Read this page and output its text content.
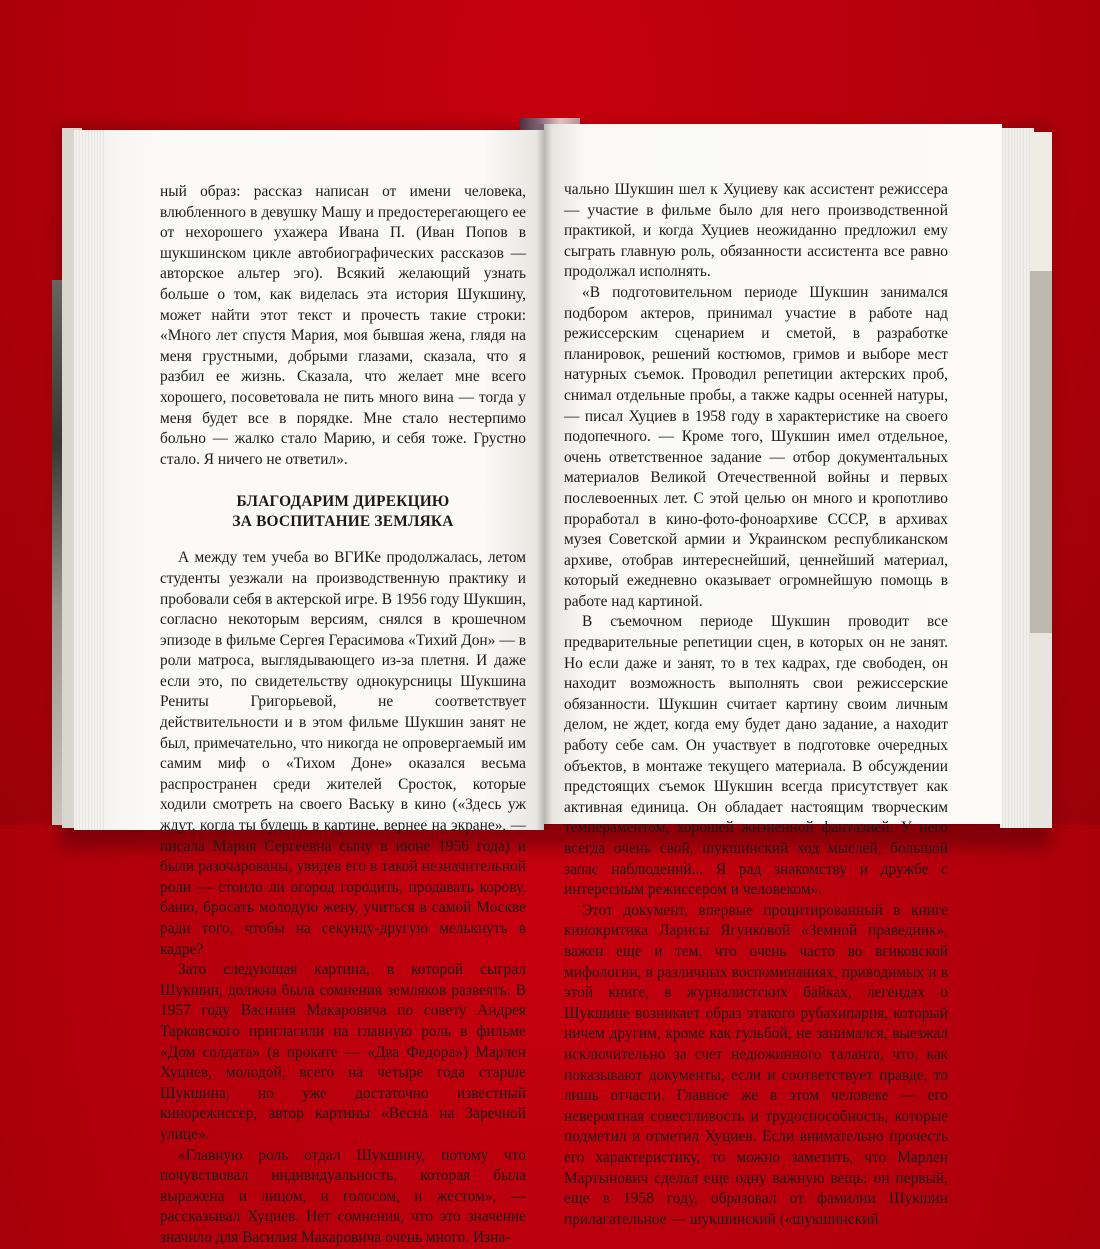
ный образ: рассказ написан от имени человека, влюбленного в девушку Машу и предостерегающего ее от нехорошего ухажера Ивана П. (Иван Попов в шукшинском цикле автобиографических рассказов — авторское альтер эго). Всякий желающий узнать больше о том, как виделась эта история Шукшину, может найти этот текст и прочесть такие строки: «Много лет спустя Мария, моя бывшая жена, глядя на меня грустными, добрыми глазами, сказала, что я разбил ее жизнь. Сказала, что желает мне всего хорошего, посоветовала не пить много вина — тогда у меня будет все в порядке. Мне стало нестерпимо больно — жалко стало Марию, и себя тоже. Грустно стало. Я ничего не ответил».

БЛАГОДАРИМ ДИРЕКЦИЮ
ЗА ВОСПИТАНИЕ ЗЕМЛЯКА

А между тем учеба во ВГИКе продолжалась, летом студенты уезжали на производственную практику и пробовали себя в актерской игре. В 1956 году Шукшин, согласно некоторым версиям, снялся в крошечном эпизоде в фильме Сергея Герасимова «Тихий Дон» — в роли матроса, выглядывающего из-за плетня. И даже если это, по свидетельству однокурсницы Шукшина Рениты Григорьевой, не соответствует действительности и в этом фильме Шукшин занят не был, примечательно, что никогда не опровергаемый им самим миф о «Тихом Доне» оказался весьма распространен среди жителей Сросток, которые ходили смотреть на своего Ваську в кино («Здесь уж ждут, когда ты будешь в картине, вернее на экране», — писала Мария Сергеевна сыну в июне 1956 года) и были разочарованы, увидев его в такой незначительной роли — стоило ли огород городить, продавать корову, баню, бросать молодую жену, учиться в самой Москве ради того, чтобы на секунду-другую мелькнуть в кадре?

Зато следующая картина, в которой сыграл Шукшин, должна была сомнения земляков развеять. В 1957 году Василия Макаровича по совету Андрея Тарковского пригласили на главную роль в фильме «Дом солдата» (в прокате — «Два Федора») Марлен Хуциев, молодой, всего на четыре года старше Шукшина, но уже достаточно известный кинорежиссер, автор картины «Весна на Заречной улице».

«Главную роль отдал Шукшину, потому что почувствовал индивидуальность, которая была выражена и лицом, и голосом, и жестом», — рассказывал Хуциев. Нет сомнения, что это значение значило для Василия Макаровича очень много. Изна-

чально Шукшин шел к Хуциеву как ассистент режиссера — участие в фильме было для него производственной практикой, и когда Хуциев неожиданно предложил ему сыграть главную роль, обязанности ассистента все равно продолжал исполнять.

«В подготовительном периоде Шукшин занимался подбором актеров, принимал участие в работе над режиссерским сценарием и сметой, в разработке планировок, решений костюмов, гримов и выборе мест натурных съемок. Проводил репетиции актерских проб, снимал отдельные пробы, а также кадры осенней натуры, — писал Хуциев в 1958 году в характеристике на своего подопечного. — Кроме того, Шукшин имел отдельное, очень ответственное задание — отбор документальных материалов Великой Отечественной войны и первых послевоенных лет. С этой целью он много и кропотливо проработал в кино-фото-фоноархиве СССР, в архивах музея Советской армии и Украинском республиканском архиве, отобрав интереснейший, ценнейший материал, который ежедневно оказывает огромнейшую помощь в работе над картиной.

В съемочном периоде Шукшин проводит все предварительные репетиции сцен, в которых он не занят. Но если даже и занят, то в тех кадрах, где свободен, он находит возможность выполнять свои режиссерские обязанности. Шукшин считает картину своим личным делом, не ждет, когда ему будет дано задание, а находит работу себе сам. Он участвует в подготовке очередных объектов, в монтаже текущего материала. В обсуждении предстоящих съемок Шукшин всегда присутствует как активная единица. Он обладает настоящим творческим темпераментом, хорошей жизненной фантазией. У него всегда очень свой, шукшинский ход мыслей, большой запас наблюдений... Я рад знакомству и дружбе с интересным режиссером и человеком».

Этот документ, впервые процитированный в книге кинокритика Ларисы Ягунковой «Земной праведник», важен еще и тем, что очень часто во вгиковской мифологии, в различных воспоминаниях, приводимых и в этой книге, в журналистских байках, легендах о Шукшине возникает образ этакого рубахипарня, который ничем другим, кроме как гульбой, не занимался, выезжал исключительно за счет недюжинного таланта, что, как показывают документы, если и соответствует правде, то лишь отчасти. Главное же в этом человеке — его невероятная совестливость и трудоспособность, которые подметил и отметил Хуциев. Если внимательно прочесть его характеристику, то можно заметить, что Марлен Мартынович сделал еще одну важную вещь: он первый, еще в 1958 году, образовал от фамилии Шукшин прилагательное — шукшинский («шукшинский
